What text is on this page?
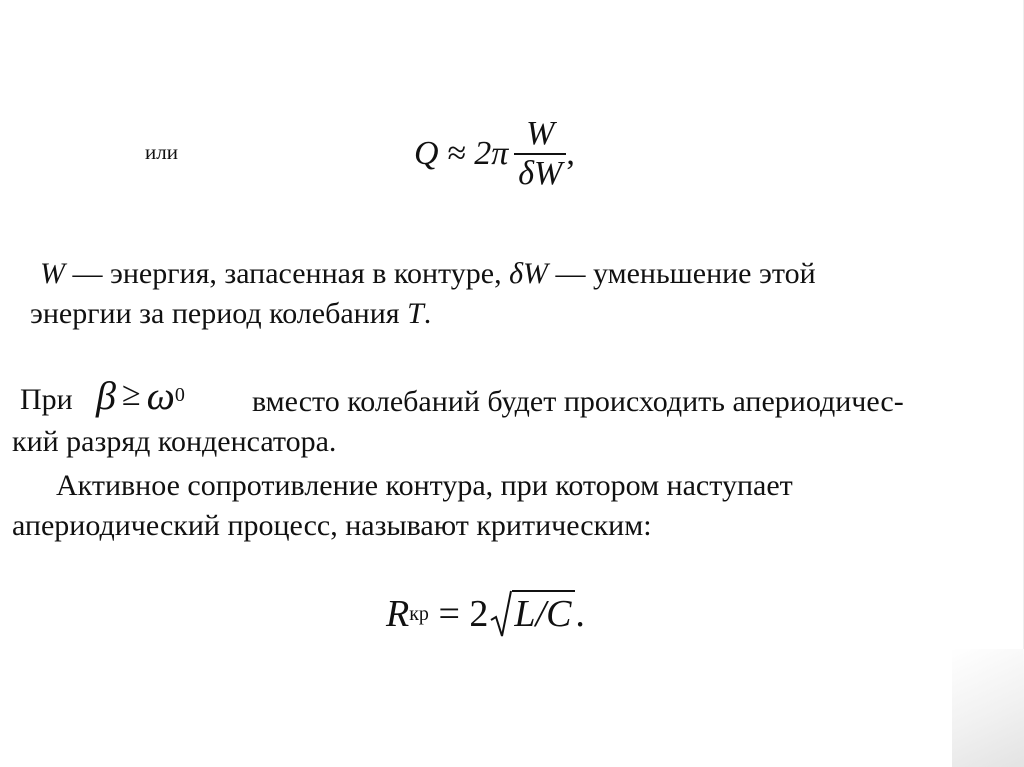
или	$Q \approx 2\pi \frac{W}{\delta W}$ ,
W — энергия, запасенная в контуре, δW — уменьшение этой
энергии за период колебания T.
При β ≥ ω 0 вместо колебаний будет происходить апериодичес-
кий разряд конденсатора.
Активное сопротивление контура, при котором наступает
апериодический процесс, называют критическим:
R кр = 2 L/C .
